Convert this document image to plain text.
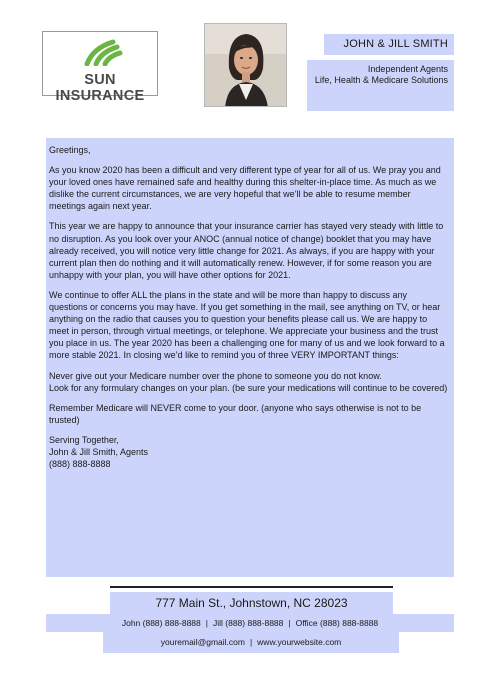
SUN INSURANCE
JOHN & JILL SMITH
Independent Agents
Life, Health & Medicare Solutions

Greetings,

As you know 2020 has been a difficult and very different type of year for all of us. We pray you and your loved ones have remained safe and healthy during this shelter-in-place time. As much as we dislike the current circumstances, we are very hopeful that we’ll be able to resume member meetings again next year.

This year we are happy to announce that your insurance carrier has stayed very steady with little to no disruption. As you look over your ANOC (annual notice of change) booklet that you may have already received, you will notice very little change for 2021. As always, if you are happy with your current plan then do nothing and it will automatically renew. However, if for some reason you are unhappy with your plan, you will have other options for 2021.

We continue to offer ALL the plans in the state and will be more than happy to discuss any questions or concerns you may have. If you get something in the mail, see anything on TV, or hear anything on the radio that causes you to question your benefits please call us. We are happy to meet in person, through virtual meetings, or telephone. We appreciate your business and the trust you place in us. The year 2020 has been a challenging one for many of us and we look forward to a more stable 2021. In closing we’d like to remind you of three VERY IMPORTANT things:

Never give out your Medicare number over the phone to someone you do not know.

Look for any formulary changes on your plan. (be sure your medications will continue to be covered)

Remember Medicare will NEVER come to your door. (anyone who says otherwise is not to be trusted)

Serving Together,

John & Jill Smith, Agents

(888) 888-8888

777 Main St., Johnstown, NC 28023
John (888) 888-8888 | Jill (888) 888-8888 | Office (888) 888-8888
youremail@gmail.com | www.yourwebsite.com
